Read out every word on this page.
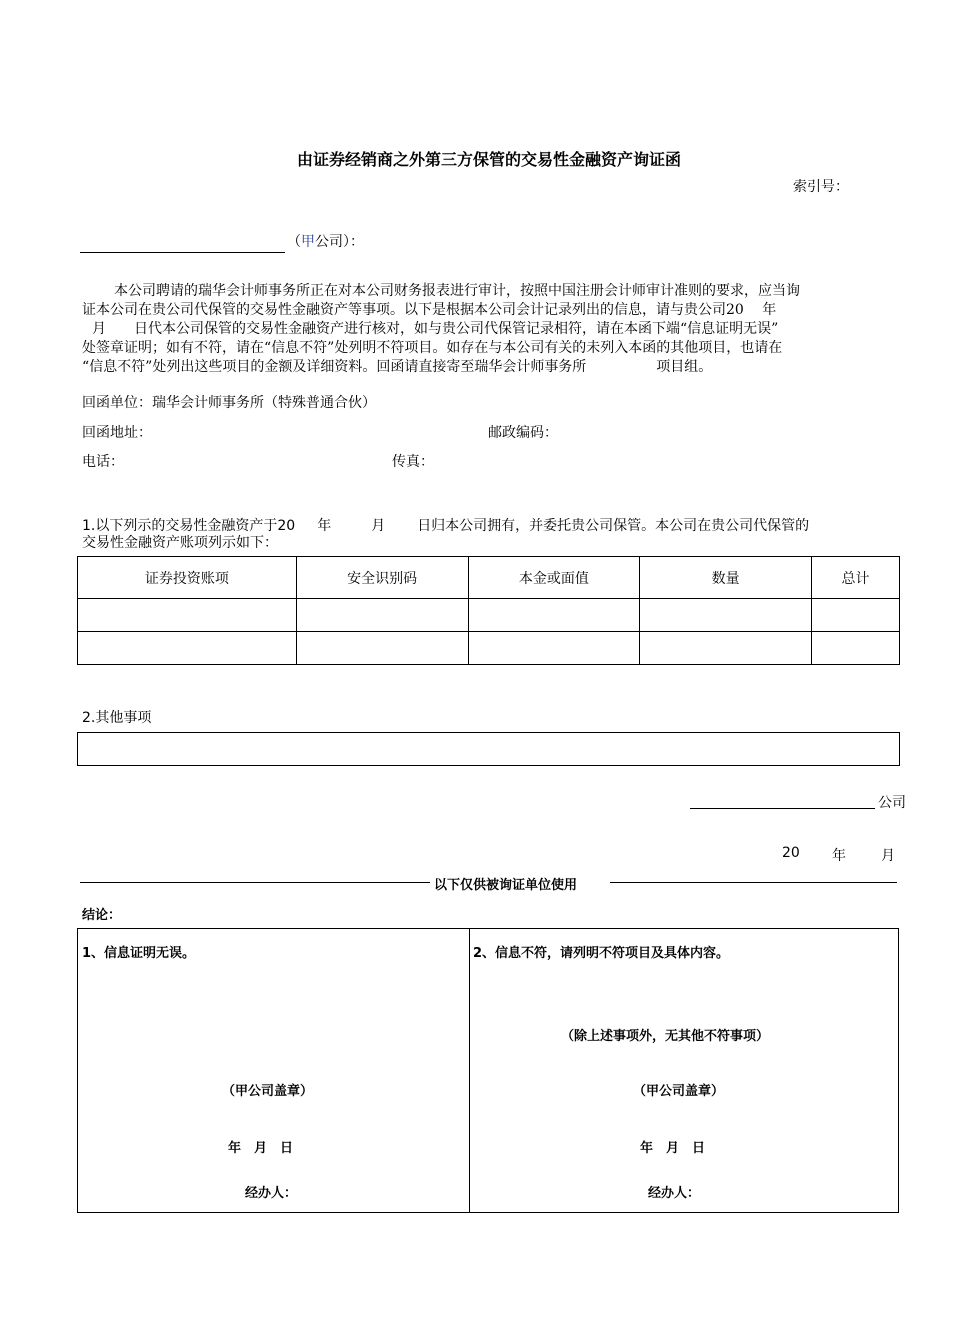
由证券经销商之外第三方保管的交易性金融资产询证函
索引号：
（甲公司）：
本公司聘请的瑞华会计师事务所正在对本公司财务报表进行审计，按照中国注册会计师审计准则的要求，应当询
证本公司在贵公司代保管的交易性金融资产等事项。以下是根据本公司会计记录列出的信息，请与贵公司20　 年
月　　日代本公司保管的交易性金融资产进行核对，如与贵公司代保管记录相符，请在本函下端“信息证明无误”
处签章证明；如有不符，请在“信息不符”处列明不符项目。如存在与本公司有关的未列入本函的其他项目，也请在
“信息不符”处列出这些项目的金额及详细资料。回函请直接寄至瑞华会计师事务所　　　　　项目组。
回函单位：瑞华会计师事务所（特殊普通合伙）
回函地址：	邮政编码：
电话：	传真：
1.以下列示的交易性金融资产于20 年	月 日归本公司拥有，并委托贵公司保管。本公司在贵公司代保管的
交易性金融资产账项列示如下：
证券投资账项	安全识别码	本金或面值	数量	总计

2.其他事项
公司
20 年	月
以下仅供被询证单位使用
结论：
1、信息证明无误。
（甲公司盖章）
年　月　日
经办人：
2、信息不符，请列明不符项目及具体内容。
（除上述事项外，无其他不符事项）
（甲公司盖章）
年　月　日
经办人：
